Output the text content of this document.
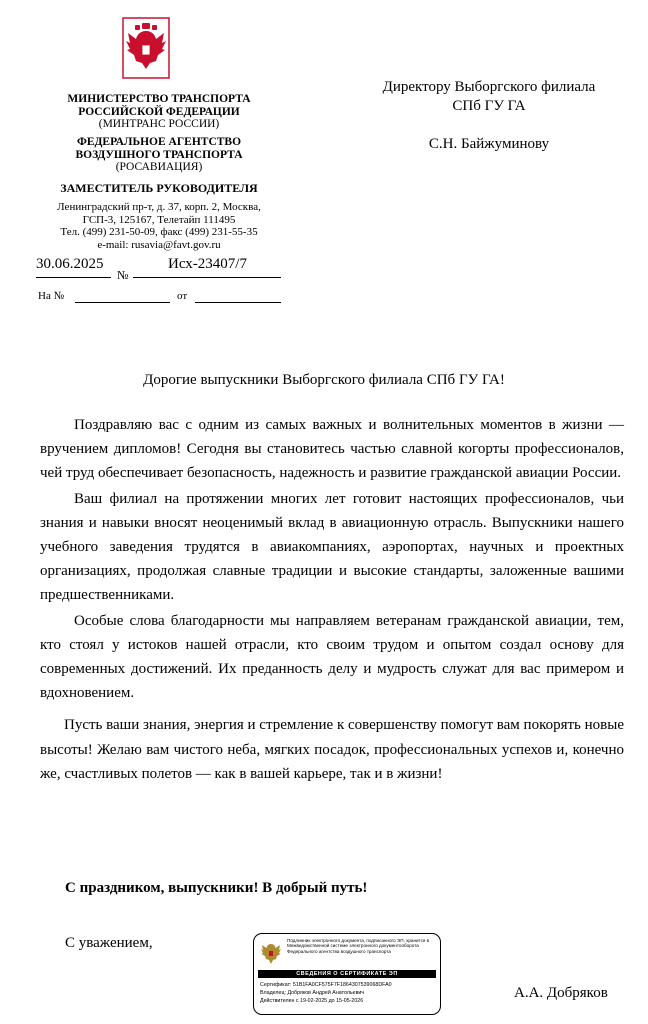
МИНИСТЕРСТВО ТРАНСПОРТА
РОССИЙСКОЙ ФЕДЕРАЦИИ
(МИНТРАНС РОССИИ)
ФЕДЕРАЛЬНОЕ АГЕНТСТВО
ВОЗДУШНОГО ТРАНСПОРТА
(РОСАВИАЦИЯ)
ЗАМЕСТИТЕЛЬ РУКОВОДИТЕЛЯ
Ленинградский пр-т, д. 37, корп. 2, Москва,
ГСП-3, 125167, Телетайп 111495
Тел. (499) 231-50-09, факс (499) 231-55-35
e-mail: rusavia@favt.gov.ru
30.06.2025
№
Исх-23407/7
На №	от
Директору Выборгского филиала
СПб ГУ ГА
С.Н. Байжуминову
Дорогие выпускники Выборгского филиала СПб ГУ ГА!

Поздравляю вас с одним из самых важных и волнительных моментов в жизни — вручением дипломов! Сегодня вы становитесь частью славной когорты профессионалов, чей труд обеспечивает безопасность, надежность и развитие гражданской авиации России.

Ваш филиал на протяжении многих лет готовит настоящих профессионалов, чьи знания и навыки вносят неоценимый вклад в авиационную отрасль. Выпускники нашего учебного заведения трудятся в авиакомпаниях, аэропортах, научных и проектных организациях, продолжая славные традиции и высокие стандарты, заложенные вашими предшественниками.

Особые слова благодарности мы направляем ветеранам гражданской авиации, тем, кто стоял у истоков нашей отрасли, кто своим трудом и опытом создал основу для современных достижений. Их преданность делу и мудрость служат для вас примером и вдохновением.

Пусть ваши знания, энергия и стремление к совершенству помогут вам покорять новые высоты! Желаю вам чистого неба, мягких посадок, профессиональных успехов и, конечно же, счастливых полетов — как в вашей карьере, так и в жизни!

С праздником, выпускники! В добрый путь!
С уважением,
А.А. Добряков
Подлинник электронного документа, подписанного ЭП, хранится в Межведомственной системе электронного документооборота Федерального агентства воздушного транспорта
СВЕДЕНИЯ О СЕРТИФИКАТЕ ЭП
Сертификат: 51B1FA0CF575F7F1864307539068DFA0
Владелец: Добряков Андрей Анатольевич
Действителен с 19-02-2025 до 15-05-2026
